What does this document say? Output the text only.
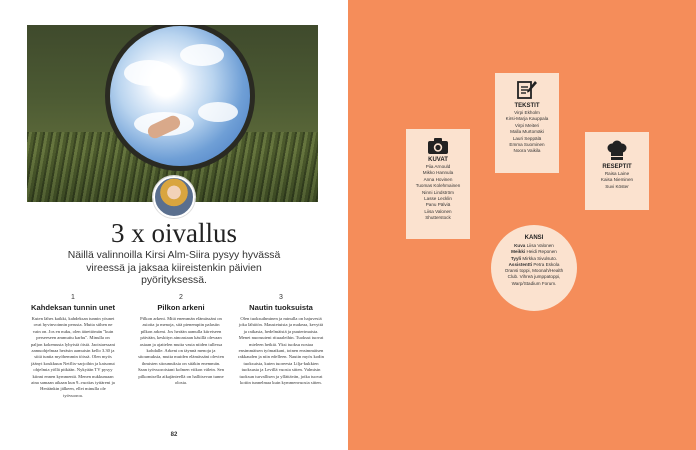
3 x oivallus
Näillä valinnoilla Kirsi Alm-Siira pysyy hyvässä vireessä ja jaksaa kiireistenkin päivien pyörityksessä.
1
Kahdeksan tunnin unet
Kuten lähes kaikki, kahdeksan tunnin yöunet ovat hyvinvoinnin perusta. Mutta siihen ne vain on. Jos en nuku, olen äärettömän "kuin perseeseen ammuttu karhu". Minulla on paljon kokemusta lyhyistä öistä. Jaoistaessani aamuohjelmaa heräsin aamuisin kello 3.30 ja siitä tuntia myöhemmin töissä. Olen myös jäänyt koukkuun Netflix-sarjoihin ja katsonut ohjelmia yöllä pitkään. Nykyään TV pysyy kiinni ennen kymmentä. Menen nukkumaan aina samaan aikaan kun 9–vuotias tyttäreni ja Heräänkin jälkeen, ellei minulla ole työvuoroa.
2
Pilkon arkeni
Pilkon arkeni. Mitä enemmän elämässäni on asioita ja menoja, sitä pienempiin palasiin pilkon arkeni. Jos herään aamulla kiireiseen päivään, keskityn ainoastaan käsillä olevaan asiaan ja ajattelen mutta vasta niiden tullessa kohdalle. Arkeni on täynnä menoja ja sitoumuksia, mutta muiden elämässäni olevien ihmisten sitoumuksia on sitäkin enemmän. Saan työvuoroistani kolmen viikon välein. Sen pilkomisella aikajänteellä on hallitsevan tunne olosta.
3
Nautin tuoksuista
Olen tuoksuihminen ja minulla on hajuvesiä joka lähtöön. Maustetuista ja makeaa, kevyttä ja raikasta, hedelmäistä ja puuterimaista. Menet nuoruuteni rituaaleihin. Tuoksut tuovat mieleen hetkiä. Yksi tuoksu nostaa ensimmäisen työmatkani, toinen ensimmäisen rakkauden ja niin edelleen. Nautin myös kodin tuoksuista, kuten tuoreesta Lilja-kukkien tuoksusta ja Levillä vuosia sitten. Valmisin tuoksun turvallisen ja yllättävän, jotka tuovat kotiin tunnelmaa kuin kymmenvuosia sitten.
82
TEKSTIT
Virpi Ekholm
Kirsi-Marja Kauppala
Virpi Meiteri
Malla Murtomäki
Lauri Seppälä
Emma Suominen
Noora Vaikila
KUVAT
Piia Arnould
Mikko Hannula
Anna Hovinen
Tuomas Kolehmainen
Ninni Lindström
Lasse Lecklin
Panu Pälviä
Liisa Valonen
Shutterstock
RESEPTIT
Raisa Laine
Kaisa Nieminen
Suvi Köster
KANSI
Kuva Liisa Valonen
Meikki Heidi Reponen
Tyyli Mirkka Sivulsuto.
Assistentti Petra Eskola
Oransi toppi, Moonah/Health Club. Vihreä jumppatoppi, Warp/Stadium Forum.
